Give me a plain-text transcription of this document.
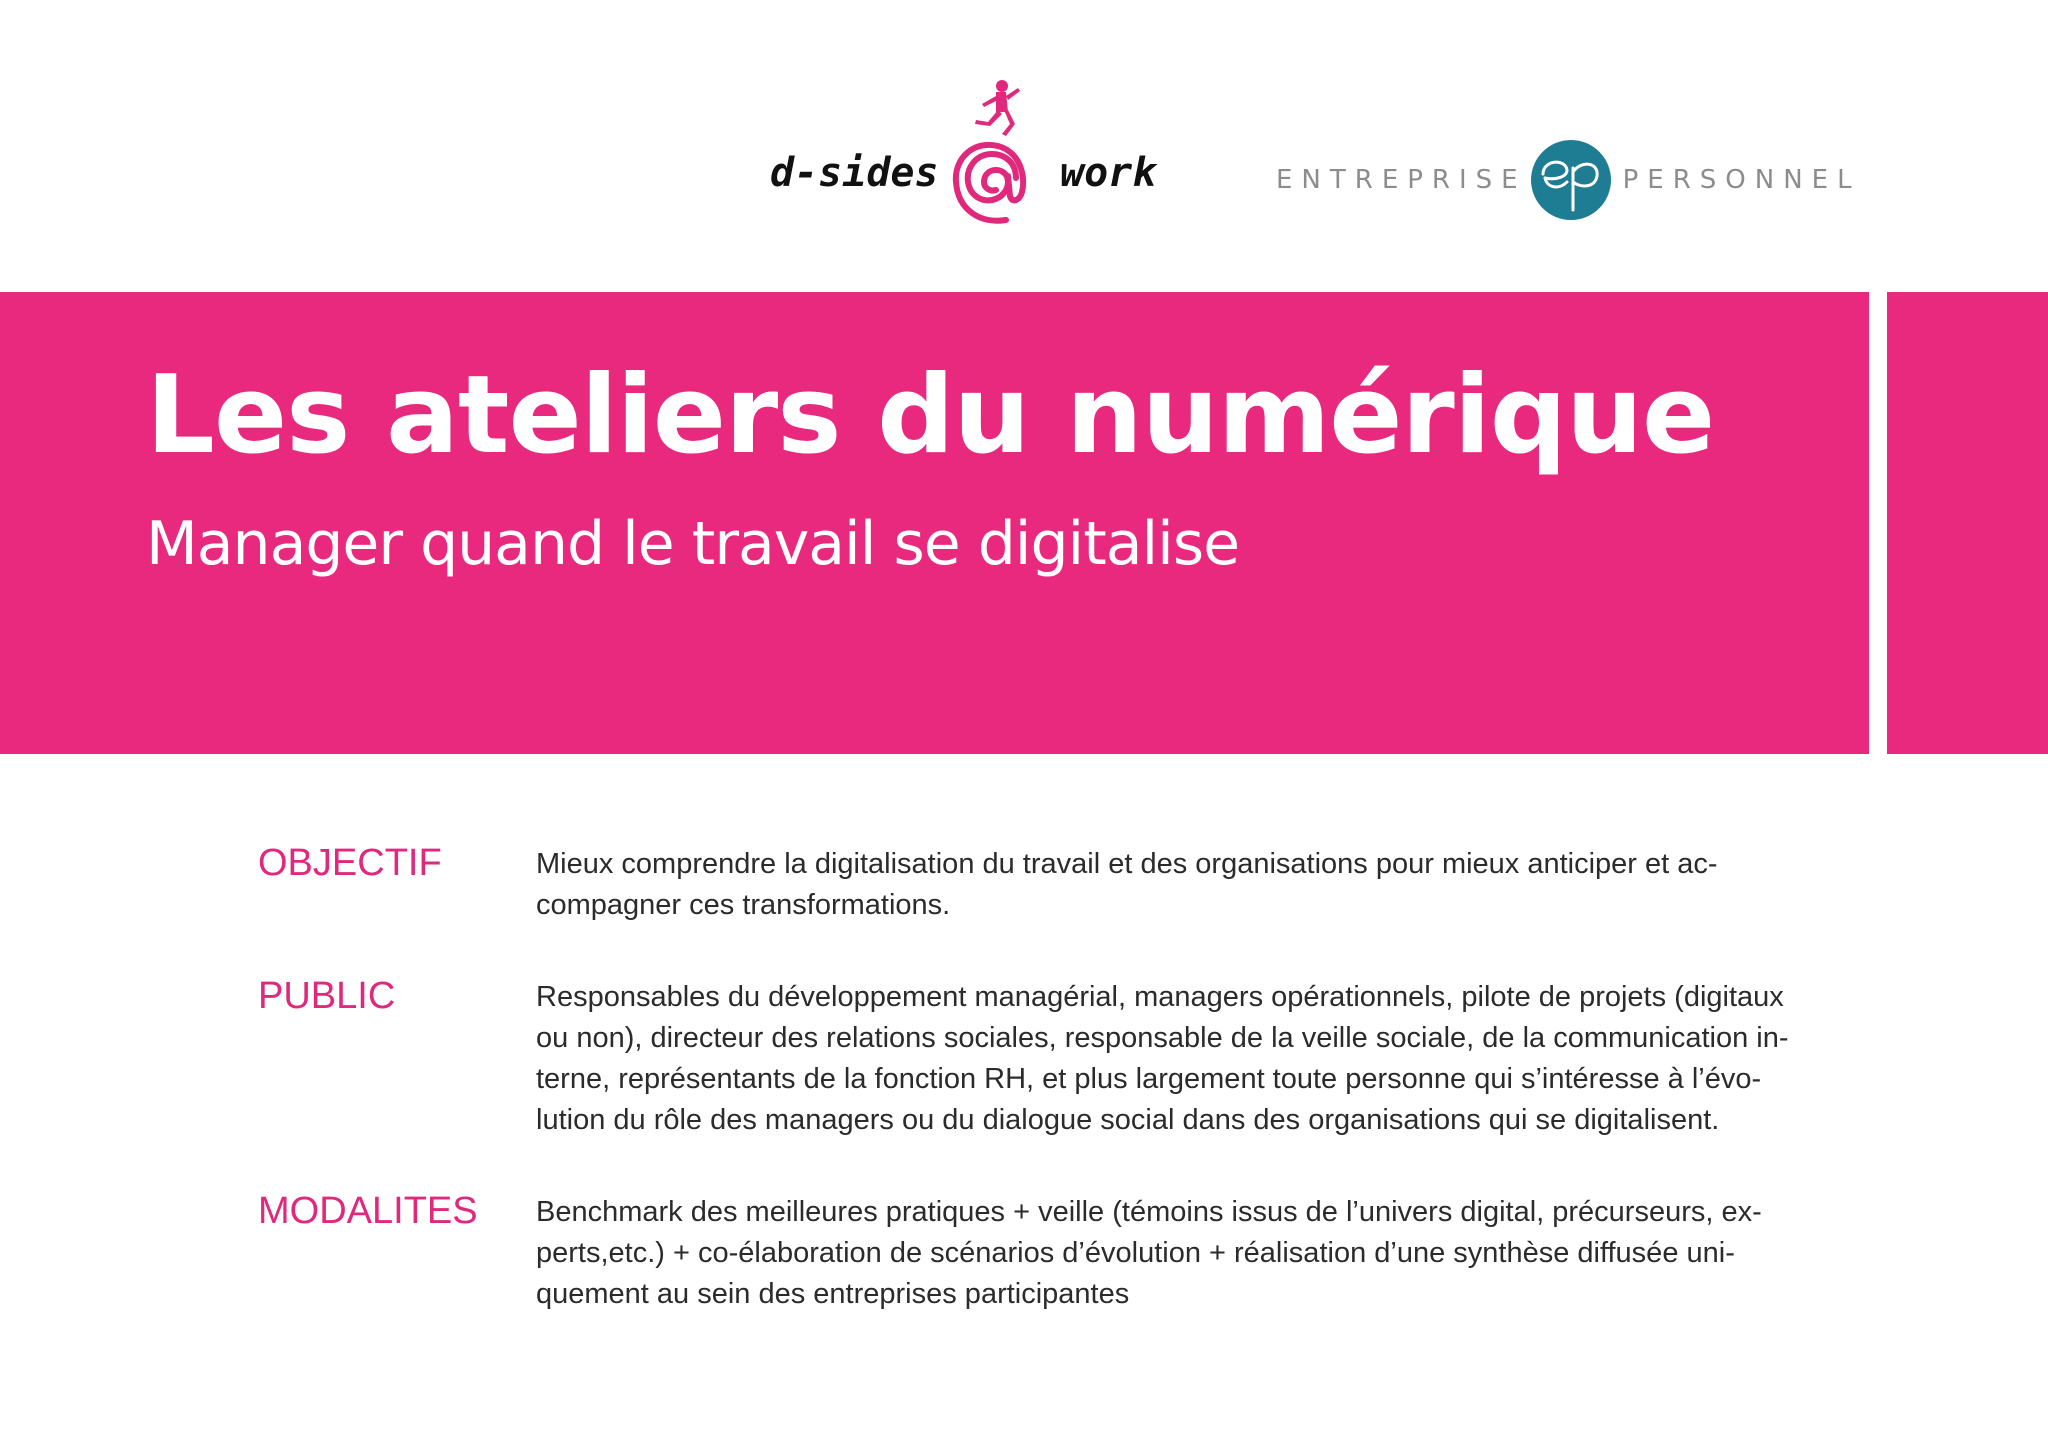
d-sides	work	ENTREPRISE	PERSONNEL
Les ateliers du numérique
Manager quand le travail se digitalise
OBJECTIF	Mieux comprendre la digitalisation du travail et des organisations pour mieux anticiper et ac-
compagner ces transformations.

PUBLIC	Responsables du développement managérial, managers opérationnels, pilote de projets (digitaux
ou non), directeur des relations sociales, responsable de la veille sociale, de la communication in-
terne, représentants de la fonction RH, et plus largement toute personne qui s’intéresse à l’évo-
lution du rôle des managers ou du dialogue social dans des organisations qui se digitalisent.

MODALITES Benchmark des meilleures pratiques + veille (témoins issus de l’univers digital, précurseurs, ex-
perts,etc.) + co-élaboration de scénarios d’évolution + réalisation d’une synthèse diffusée uni-
quement au sein des entreprises participantes
